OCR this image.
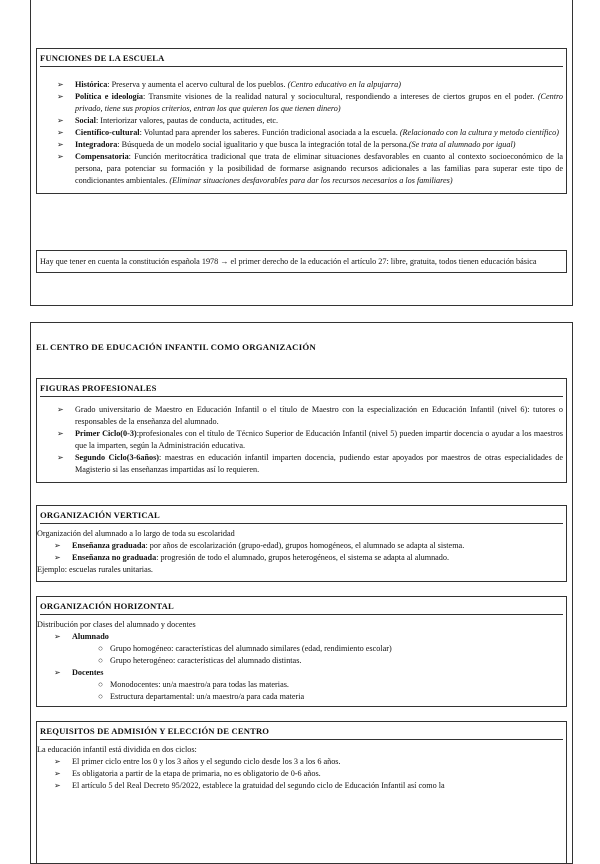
FUNCIONES DE LA ESCUELA
➢ Histórica: Preserva y aumenta el acervo cultural de los pueblos. (Centro educativo en la alpujarra)
➢ Política e ideología: Transmite visiones de la realidad natural y sociocultural, respondiendo a intereses de ciertos grupos en el poder. (Centro privado, tiene sus propios criterios, entran los que quieren los que tienen dinero)
➢ Social: Interiorizar valores, pautas de conducta, actitudes, etc.
➢ Científico-cultural: Voluntad para aprender los saberes. Función tradicional asociada a la escuela. (Relacionado con la cultura y metodo científico)
➢ Integradora: Búsqueda de un modelo social igualitario y que busca la integración total de la persona.(Se trata al alumnado por igual)
➢ Compensatoria: Función meritocrática tradicional que trata de eliminar situaciones desfavorables en cuanto al contexto socioeconómico de la persona, para potenciar su formación y la posibilidad de formarse asignando recursos adicionales a las familias para superar este tipo de condicionantes ambientales. (Eliminar situaciones desfavorables para dar los recursos necesarios a los familiares)
Hay que tener en cuenta la constitución española 1978 → el primer derecho de la educación el artículo 27: libre, gratuita, todos tienen educación básica
EL CENTRO DE EDUCACIÓN INFANTIL COMO ORGANIZACIÓN
FIGURAS PROFESIONALES
➢ Grado universitario de Maestro en Educación Infantil o el título de Maestro con la especialización en Educación Infantil (nivel 6): tutores o responsables de la enseñanza del alumnado.
➢ Primer Ciclo(0-3):profesionales con el título de Técnico Superior de Educación Infantil (nivel 5) pueden impartir docencia o ayudar a los maestros que la imparten, según la Administración educativa.
➢ Segundo Ciclo(3-6años): maestras en educación infantil imparten docencia, pudiendo estar apoyados por maestros de otras especialidades de Magisterio si las enseñanzas impartidas así lo requieren.
ORGANIZACIÓN VERTICAL
Organización del alumnado a lo largo de toda su escolaridad
➢ Enseñanza graduada: por años de escolarización (grupo-edad), grupos homogéneos, el alumnado se adapta al sistema.
➢ Enseñanza no graduada: progresión de todo el alumnado, grupos heterogéneos, el sistema se adapta al alumnado.
Ejemplo: escuelas rurales unitarias.
ORGANIZACIÓN HORIZONTAL
Distribución por clases del alumnado y docentes
➢ Alumnado
○ Grupo homogéneo: características del alumnado similares (edad, rendimiento escolar)
○ Grupo heterogéneo: características del alumnado distintas.
➢ Docentes
○ Monodocentes: un/a maestro/a para todas las materias.
○ Estructura departamental: un/a maestro/a para cada materia
REQUISITOS DE ADMISIÓN Y ELECCIÓN DE CENTRO
La educación infantil está dividida en dos ciclos:
➢ El primer ciclo entre los 0 y los 3 años y el segundo ciclo desde los 3 a los 6 años.
➢ Es obligatoria a partir de la etapa de primaria, no es obligatorio de 0-6 años.
➢ El artículo 5 del Real Decreto 95/2022, establece la gratuidad del segundo ciclo de Educación Infantil así como la
